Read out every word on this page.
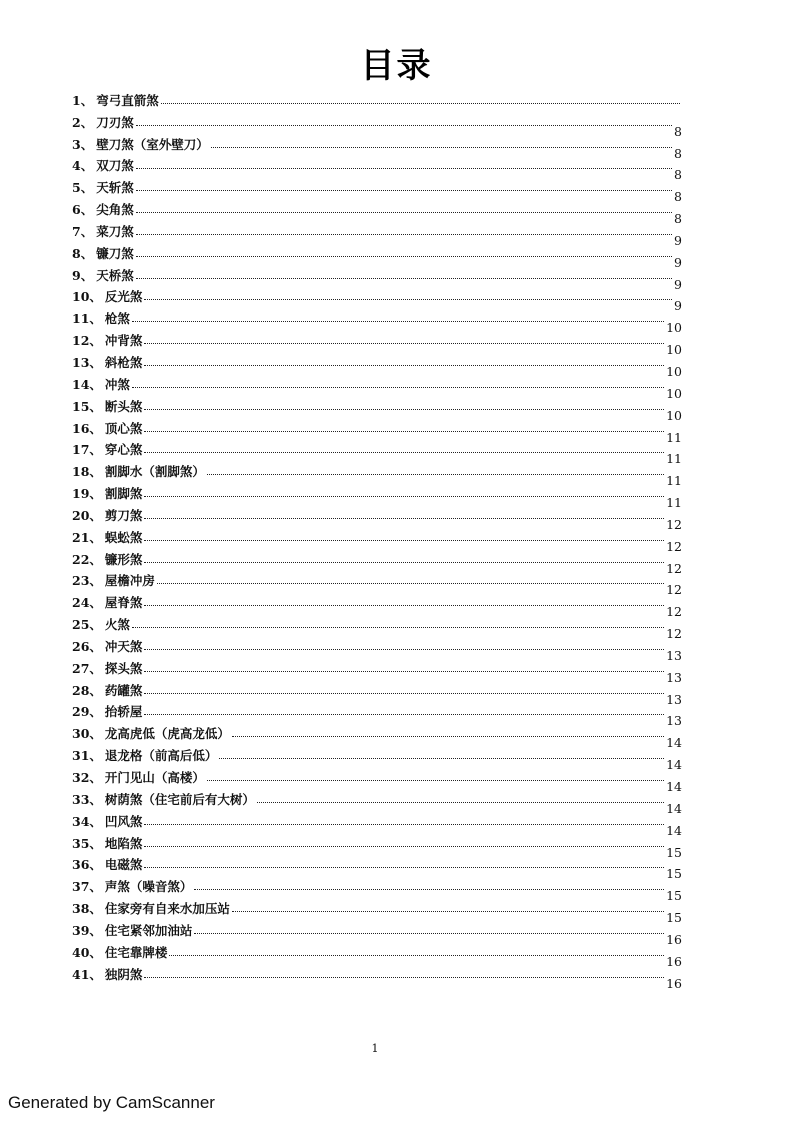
目录
1、 弯弓直箭煞
2、 刀刃煞
8
3、 壁刀煞（室外壁刀）
8
4、 双刀煞
8
5、 天斩煞
8
6、 尖角煞
8
7、 菜刀煞
9
8、 镰刀煞
9
9、 天桥煞
9
10、 反光煞
9
11、 枪煞
10
12、 冲背煞
10
13、 斜枪煞
10
14、 冲煞
10
15、 断头煞
10
16、 顶心煞
11
17、 穿心煞
11
18、 割脚水（割脚煞）
11
19、 割脚煞
11
20、 剪刀煞
12
21、 蜈蚣煞
12
22、 镰形煞
12
23、 屋檐冲房
12
24、 屋脊煞
12
25、 火煞
12
26、 冲天煞
13
27、 探头煞
13
28、 药罐煞
13
29、 抬轿屋
13
30、 龙高虎低（虎高龙低）
14
31、 退龙格（前高后低）
14
32、 开门见山（高楼）
14
33、 树荫煞（住宅前后有大树）
14
34、 凹风煞
14
35、 地陷煞
15
36、 电磁煞
15
37、 声煞（噪音煞）
15
38、 住家旁有自来水加压站
15
39、 住宅紧邻加油站
16
40、 住宅靠牌楼
16
41、 独阴煞
16
1
Generated by CamScanner
